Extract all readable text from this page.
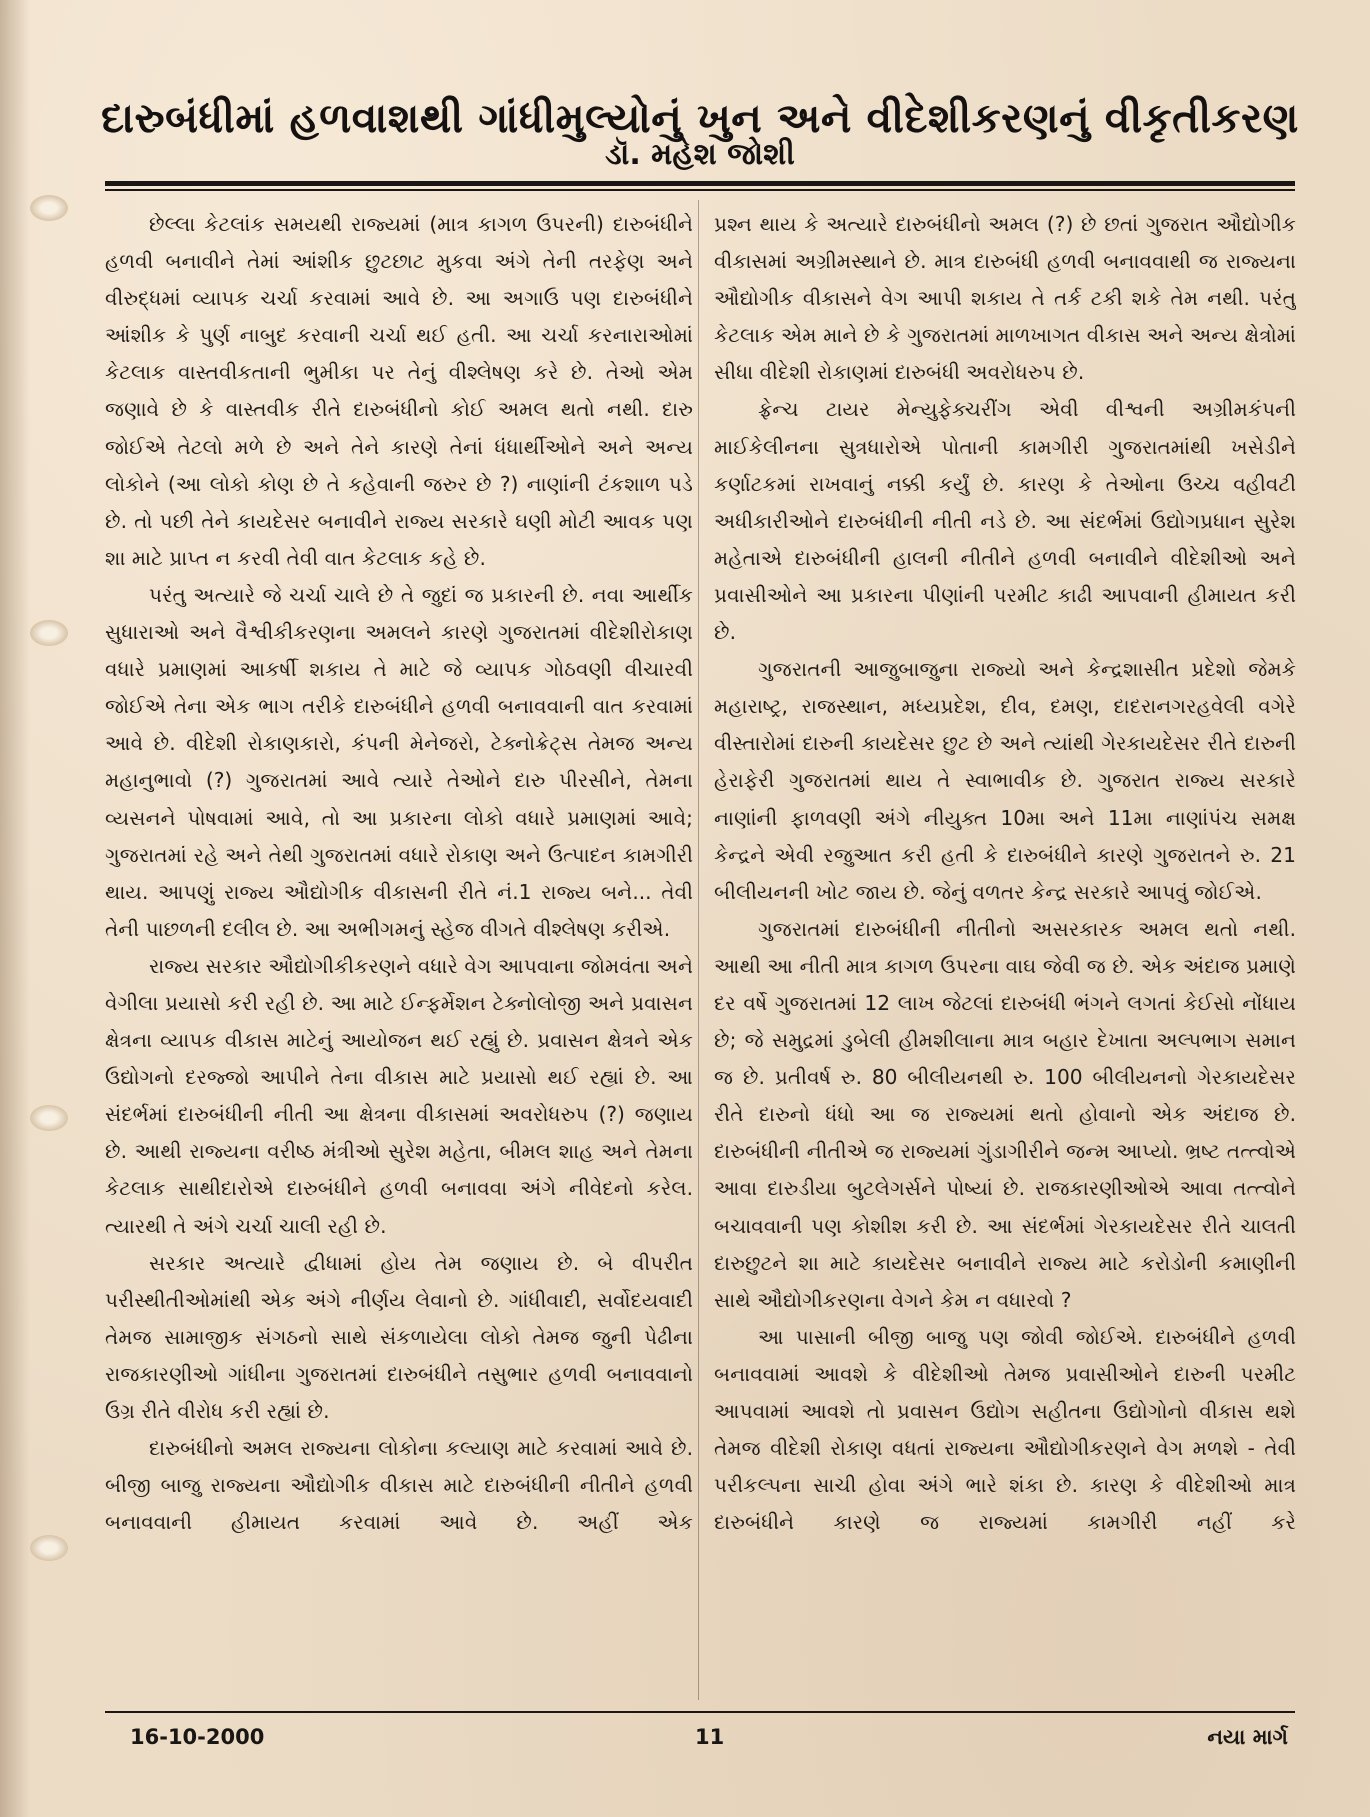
દારુબંધીમાં હળવાશથી ગાંધીમુલ્યોનું ખુન અને વીદેશીકરણનું વીકૃતીકરણ
ડૉ. મહેશ જોશી

છેલ્લા કેટલાંક સમયથી રાજ્યમાં (માત્ર કાગળ ઉપરની) દારુબંધીને હળવી બનાવીને તેમાં આંશીક છુટછાટ મુકવા અંગે તેની તરફેણ અને વીરુદ્ધમાં વ્યાપક ચર્ચા કરવામાં આવે છે. આ અગાઉ પણ દારુબંધીને આંશીક કે પુર્ણ નાબુદ કરવાની ચર્ચા થઈ હતી. આ ચર્ચા કરનારાઓમાં કેટલાક વાસ્તવીકતાની ભુમીકા પર તેનું વીશ્લેષણ કરે છે. તેઓ એમ જણાવે છે કે વાસ્તવીક રીતે દારુબંધીનો કોઈ અમલ થતો નથી. દારુ જોઈએ તેટલો મળે છે અને તેને કારણે તેનાં ધંધાર્થીઓને અને અન્ય લોકોને (આ લોકો કોણ છે તે કહેવાની જરુર છે ?) નાણાંની ટંકશાળ પડે છે. તો પછી તેને કાયદેસર બનાવીને રાજ્ય સરકારે ઘણી મોટી આવક પણ શા માટે પ્રાપ્ત ન કરવી તેવી વાત કેટલાક કહે છે.

પરંતુ અત્યારે જે ચર્ચા ચાલે છે તે જુદાં જ પ્રકારની છે. નવા આર્થીક સુધારાઓ અને વૈશ્વીકીકરણના અમલને કારણે ગુજરાતમાં વીદેશીરોકાણ વધારે પ્રમાણમાં આકર્ષી શકાય તે માટે જે વ્યાપક ગોઠવણી વીચારવી જોઈએ તેના એક ભાગ તરીકે દારુબંધીને હળવી બનાવવાની વાત કરવામાં આવે છે. વીદેશી રોકાણકારો, કંપની મેનેજરો, ટેક્નોક્રેટ્સ તેમજ અન્ય મહાનુભાવો (?) ગુજરાતમાં આવે ત્યારે તેઓને દારુ પીરસીને, તેમના વ્યસનને પોષવામાં આવે, તો આ પ્રકારના લોકો વધારે પ્રમાણમાં આવે; ગુજરાતમાં રહે અને તેથી ગુજરાતમાં વધારે રોકાણ અને ઉત્પાદન કામગીરી થાય. આપણું રાજ્ય ઔદ્યોગીક વીકાસની રીતે નં.1 રાજ્ય બને... તેવી તેની પાછળની દલીલ છે. આ અભીગમનું સ્હેજ વીગતે વીશ્લેષણ કરીએ.

રાજ્ય સરકાર ઔદ્યોગીકીકરણને વધારે વેગ આપવાના જોમવંતા અને વેગીલા પ્રયાસો કરી રહી છે. આ માટે ઈન્ફર્મેશન ટેક્નોલોજી અને પ્રવાસન ક્ષેત્રના વ્યાપક વીકાસ માટેનું આયોજન થઈ રહ્યું છે. પ્રવાસન ક્ષેત્રને એક ઉદ્યોગનો દરજ્જો આપીને તેના વીકાસ માટે પ્રયાસો થઈ રહ્યાં છે. આ સંદર્ભમાં દારુબંધીની નીતી આ ક્ષેત્રના વીકાસમાં અવરોધરુપ (?) જણાય છે. આથી રાજ્યના વરીષ્ઠ મંત્રીઓ સુરેશ મહેતા, બીમલ શાહ અને તેમના કેટલાક સાથીદારોએ દારુબંધીને હળવી બનાવવા અંગે નીવેદનો કરેલ. ત્યારથી તે અંગે ચર્ચા ચાલી રહી છે.

સરકાર અત્યારે દ્વીધામાં હોય તેમ જણાય છે. બે વીપરીત પરીસ્થીતીઓમાંથી એક અંગે નીર્ણય લેવાનો છે. ગાંધીવાદી, સર્વોદયવાદી તેમજ સામાજીક સંગઠનો સાથે સંકળાયેલા લોકો તેમજ જુની પેઢીના રાજકારણીઓ ગાંધીના ગુજરાતમાં દારુબંધીને તસુભાર હળવી બનાવવાનો ઉગ્ર રીતે વીરોધ કરી રહ્યાં છે.

દારુબંધીનો અમલ રાજ્યના લોકોના કલ્યાણ માટે કરવામાં આવે છે. બીજી બાજુ રાજ્યના ઔદ્યોગીક વીકાસ માટે દારુબંધીની નીતીને હળવી બનાવવાની હીમાયત કરવામાં આવે છે. અહીં એક

પ્રશ્ન થાય કે અત્યારે દારુબંધીનો અમલ (?) છે છતાં ગુજરાત ઔદ્યોગીક વીકાસમાં અગ્રીમસ્થાને છે. માત્ર દારુબંધી હળવી બનાવવાથી જ રાજ્યના ઔદ્યોગીક વીકાસને વેગ આપી શકાય તે તર્ક ટકી શકે તેમ નથી. પરંતુ કેટલાક એમ માને છે કે ગુજરાતમાં માળખાગત વીકાસ અને અન્ય ક્ષેત્રોમાં સીધા વીદેશી રોકાણમાં દારુબંધી અવરોધરુપ છે.

ફ્રેન્ચ ટાયર મેન્યુફેક્ચરીંગ એવી વીશ્વની અગ્રીમકંપની માઈકેલીનના સુત્રધારોએ પોતાની કામગીરી ગુજરાતમાંથી ખસેડીને કર્ણાટકમાં રાખવાનું નક્કી કર્યું છે. કારણ કે તેઓના ઉચ્ચ વહીવટી અધીકારીઓને દારુબંધીની નીતી નડે છે. આ સંદર્ભમાં ઉદ્યોગપ્રધાન સુરેશ મહેતાએ દારુબંધીની હાલની નીતીને હળવી બનાવીને વીદેશીઓ અને પ્રવાસીઓને આ પ્રકારના પીણાંની પરમીટ કાઢી આપવાની હીમાયત કરી છે.

ગુજરાતની આજુબાજુના રાજ્યો અને કેન્દ્રશાસીત પ્રદેશો જેમકે મહારાષ્ટ્ર, રાજસ્થાન, મધ્યપ્રદેશ, દીવ, દમણ, દાદરાનગરહવેલી વગેરે વીસ્તારોમાં દારુની કાયદેસર છુટ છે અને ત્યાંથી ગેરકાયદેસર રીતે દારુની હેરાફેરી ગુજરાતમાં થાય તે સ્વાભાવીક છે. ગુજરાત રાજ્ય સરકારે નાણાંની ફાળવણી અંગે નીયુક્ત 10મા અને 11મા નાણાંપંચ સમક્ષ કેન્દ્રને એવી રજુઆત કરી હતી કે દારુબંધીને કારણે ગુજરાતને રુ. 21 બીલીયનની ખોટ જાય છે. જેનું વળતર કેન્દ્ર સરકારે આપવું જોઈએ.

ગુજરાતમાં દારુબંધીની નીતીનો અસરકારક અમલ થતો નથી. આથી આ નીતી માત્ર કાગળ ઉપરના વાઘ જેવી જ છે. એક અંદાજ પ્રમાણે દર વર્ષે ગુજરાતમાં 12 લાખ જેટલાં દારુબંધી ભંગને લગતાં કેઈસો નોંધાય છે; જે સમુદ્રમાં ડુબેલી હીમશીલાના માત્ર બહાર દેખાતા અલ્પભાગ સમાન જ છે. પ્રતીવર્ષ રુ. 80 બીલીયનથી રુ. 100 બીલીયનનો ગેરકાયદેસર રીતે દારુનો ધંધો આ જ રાજ્યમાં થતો હોવાનો એક અંદાજ છે. દારુબંધીની નીતીએ જ રાજ્યમાં ગુંડાગીરીને જન્મ આપ્યો. ભ્રષ્ટ તત્ત્વોએ આવા દારુડીયા બુટલેગર્સને પોષ્યાં છે. રાજકારણીઓએ આવા તત્ત્વોને બચાવવાની પણ કોશીશ કરી છે. આ સંદર્ભમાં ગેરકાયદેસર રીતે ચાલતી દારુછુટને શા માટે કાયદેસર બનાવીને રાજ્ય માટે કરોડોની કમાણીની સાથે ઔદ્યોગીકરણના વેગને કેમ ન વધારવો ?

આ પાસાની બીજી બાજુ પણ જોવી જોઈએ. દારુબંધીને હળવી બનાવવામાં આવશે કે વીદેશીઓ તેમજ પ્રવાસીઓને દારુની પરમીટ આપવામાં આવશે તો પ્રવાસન ઉદ્યોગ સહીતના ઉદ્યોગોનો વીકાસ થશે તેમજ વીદેશી રોકાણ વધતાં રાજ્યના ઔદ્યોગીકરણને વેગ મળશે - તેવી પરીકલ્પના સાચી હોવા અંગે ભારે શંકા છે. કારણ કે વીદેશીઓ માત્ર દારુબંધીને કારણે જ રાજ્યમાં કામગીરી નહીં કરે

16-10-2000	11	નયા માર્ગ
